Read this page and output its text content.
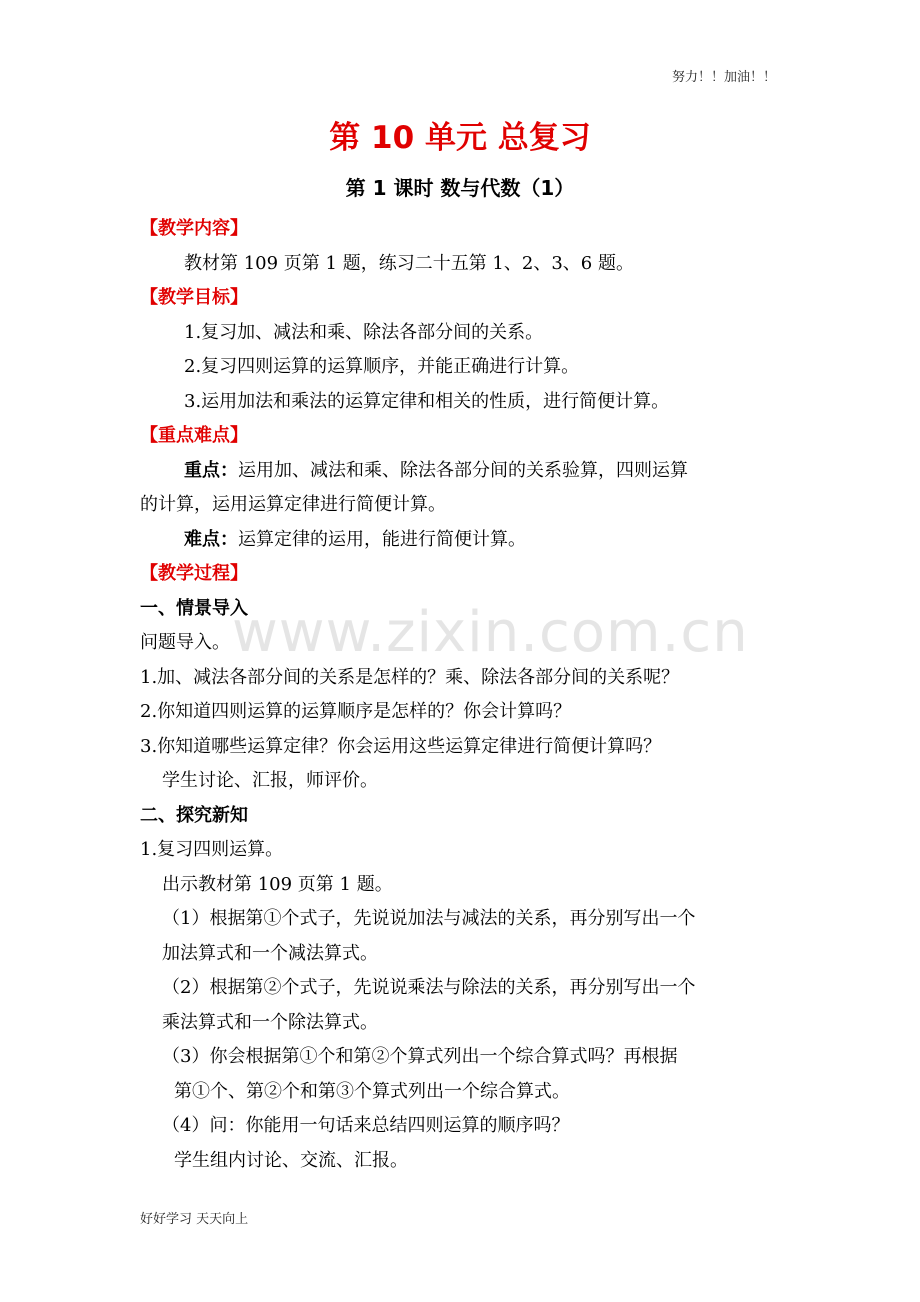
努力！！加油！！
第 10 单元 总复习
第 1 课时 数与代数（1）
www.zixin.com.cn
【教学内容】
教材第 109 页第 1 题，练习二十五第 1、2、3、6 题。
【教学目标】
1.复习加、减法和乘、除法各部分间的关系。
2.复习四则运算的运算顺序，并能正确进行计算。
3.运用加法和乘法的运算定律和相关的性质，进行简便计算。
【重点难点】
重点：运用加、减法和乘、除法各部分间的关系验算，四则运算
的计算，运用运算定律进行简便计算。
难点：运算定律的运用，能进行简便计算。
【教学过程】
一、情景导入
问题导入。
1.加、减法各部分间的关系是怎样的？乘、除法各部分间的关系呢？
2.你知道四则运算的运算顺序是怎样的？你会计算吗？
3.你知道哪些运算定律？你会运用这些运算定律进行简便计算吗？
学生讨论、汇报，师评价。
二、探究新知
1.复习四则运算。
出示教材第 109 页第 1 题。
（1）根据第①个式子，先说说加法与减法的关系，再分别写出一个
加法算式和一个减法算式。
（2）根据第②个式子，先说说乘法与除法的关系，再分别写出一个
乘法算式和一个除法算式。
（3）你会根据第①个和第②个算式列出一个综合算式吗？再根据
第①个、第②个和第③个算式列出一个综合算式。
（4）问：你能用一句话来总结四则运算的顺序吗？
学生组内讨论、交流、汇报。
好好学习 天天向上
